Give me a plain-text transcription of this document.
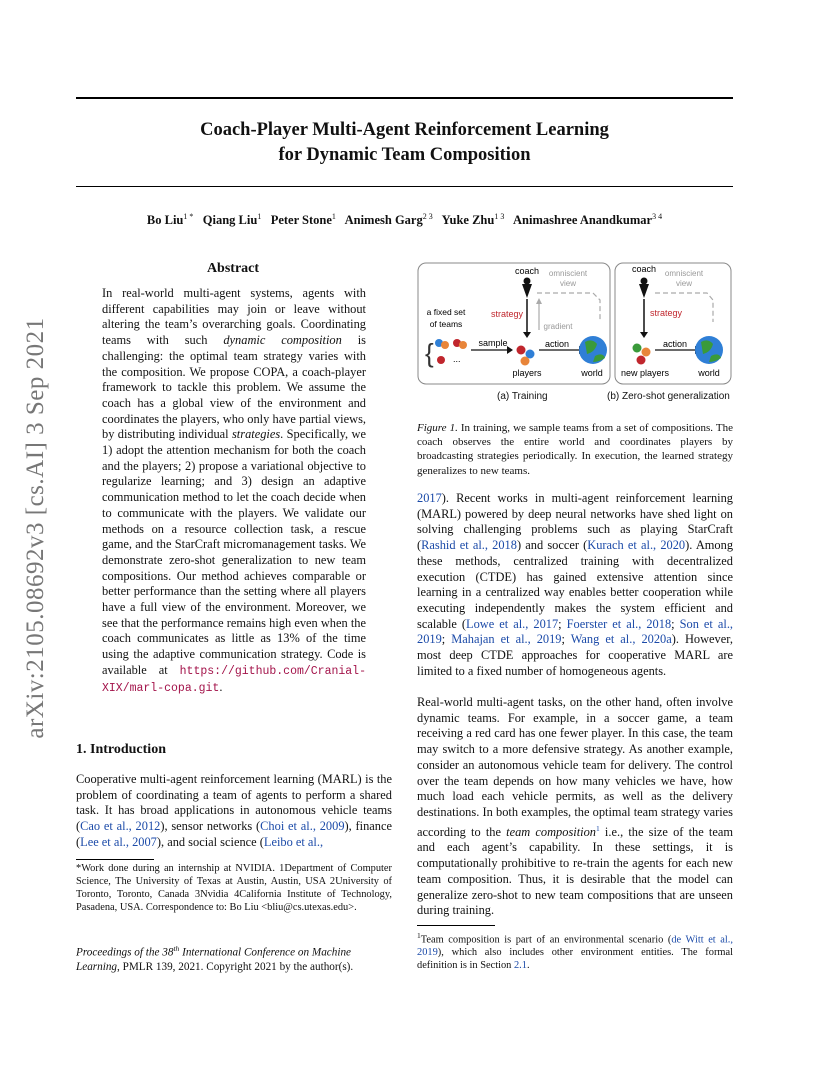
Coach-Player Multi-Agent Reinforcement Learning
for Dynamic Team Composition
Bo Liu$^{1 *}$ Qiang Liu$^1$ Peter Stone$^1$ Animesh Garg$^{2 3}$ Yuke Zhu$^{1 3}$ Animashree Anandkumar$^{3 4}$
arXiv:2105.08692v3 [cs.AI] 3 Sep 2021
Abstract
In real-world multi-agent systems, agents with different capabilities may join or leave without altering the team’s overarching goals. Coordinating teams with such dynamic composition is challenging: the optimal team strategy varies with the composition. We propose COPA, a coach-player framework to tackle this problem. We assume the coach has a global view of the environment and coordinates the players, who only have partial views, by distributing individual strategies. Specifically, we 1) adopt the attention mechanism for both the coach and the players; 2) propose a variational objective to regularize learning; and 3) design an adaptive communication method to let the coach decide when to communicate with the players. We validate our methods on a resource collection task, a rescue game, and the StarCraft micromanagement tasks. We demonstrate zero-shot generalization to new team compositions. Our method achieves comparable or better performance than the setting where all players have a full view of the environment. Moreover, we see that the performance remains high even when the coach communicates as little as 13% of the time using the adaptive communication strategy. Code is available at https://github.com/Cranial-XIX/marl-copa.git.
1. Introduction
Cooperative multi-agent reinforcement learning (MARL) is the problem of coordinating a team of agents to perform a shared task. It has broad applications in autonomous vehicle teams (Cao et al., 2012), sensor networks (Choi et al., 2009), finance (Lee et al., 2007), and social science (Leibo et al.,
*Work done during an internship at NVIDIA. 1Department of Computer Science, The University of Texas at Austin, Austin, USA 2University of Toronto, Toronto, Canada 3Nvidia 4California Institute of Technology, Pasadena, USA. Correspondence to: Bo Liu <bliu@cs.utexas.edu>.
Proceedings of the 38th International Conference on Machine Learning, PMLR 139, 2021. Copyright 2021 by the author(s).
coach omniscient
view
strategy
gradient
a fixed set
of teams
{ ...
sample	action
players	world
coach omniscient
view
strategy
action
new players	world
(a) Training	(b) Zero-shot generalization
Figure 1. In training, we sample teams from a set of compositions. The coach observes the entire world and coordinates players by broadcasting strategies periodically. In execution, the learned strategy generalizes to new teams.
2017). Recent works in multi-agent reinforcement learning (MARL) powered by deep neural networks have shed light on solving challenging problems such as playing StarCraft (Rashid et al., 2018) and soccer (Kurach et al., 2020). Among these methods, centralized training with decentralized execution (CTDE) has gained extensive attention since learning in a centralized way enables better cooperation while executing independently makes the system efficient and scalable (Lowe et al., 2017; Foerster et al., 2018; Son et al., 2019; Mahajan et al., 2019; Wang et al., 2020a). However, most deep CTDE approaches for cooperative MARL are limited to a fixed number of homogeneous agents.
Real-world multi-agent tasks, on the other hand, often involve dynamic teams. For example, in a soccer game, a team receiving a red card has one fewer player. In this case, the team may switch to a more defensive strategy. As another example, consider an autonomous vehicle team for delivery. The control over the team depends on how many vehicles we have, how much load each vehicle permits, as well as the delivery destinations. In both examples, the optimal team strategy varies according to the team composition$^1$ i.e., the size of the team and each agent’s capability. In these settings, it is computationally prohibitive to re-train the agents for each new team composition. Thus, it is desirable that the model can generalize zero-shot to new team compositions that are unseen during training.
$^1$Team composition is part of an environmental scenario (de Witt et al., 2019), which also includes other environment entities. The formal definition is in Section 2.1.
